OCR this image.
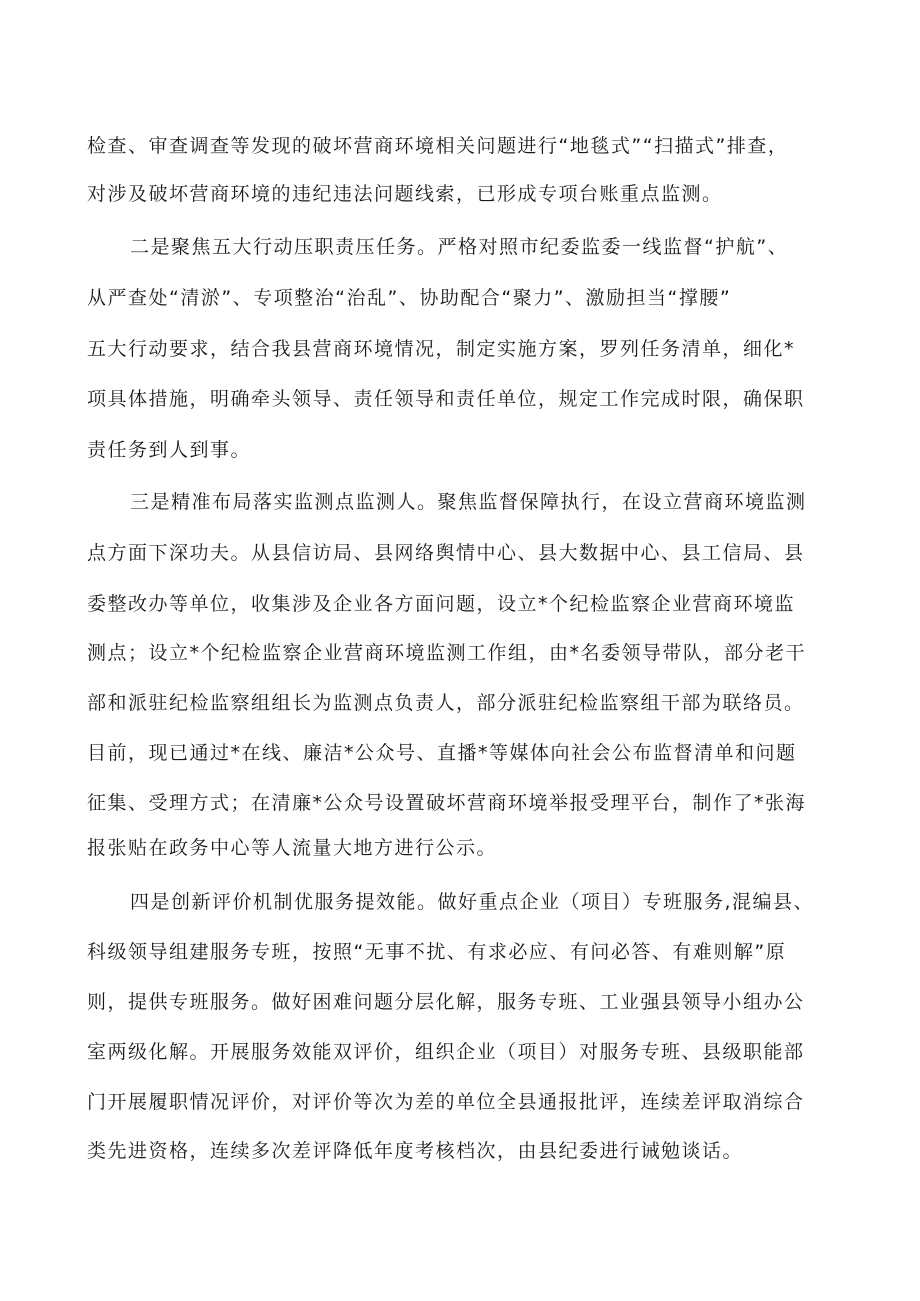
检查、审查调查等发现的破坏营商环境相关问题进行“地毯式”“扫描式”排查，
对涉及破坏营商环境的违纪违法问题线索，已形成专项台账重点监测。
二是聚焦五大行动压职责压任务。严格对照市纪委监委一线监督“护航”、
从严查处“清淤”、专项整治“治乱”、协助配合“聚力”、激励担当“撑腰”
五大行动要求，结合我县营商环境情况，制定实施方案，罗列任务清单，细化*
项具体措施，明确牵头领导、责任领导和责任单位，规定工作完成时限，确保职
责任务到人到事。
三是精准布局落实监测点监测人。聚焦监督保障执行，在设立营商环境监测
点方面下深功夫。从县信访局、县网络舆情中心、县大数据中心、县工信局、县
委整改办等单位，收集涉及企业各方面问题，设立*个纪检监察企业营商环境监
测点；设立*个纪检监察企业营商环境监测工作组，由*名委领导带队，部分老干
部和派驻纪检监察组组长为监测点负责人，部分派驻纪检监察组干部为联络员。
目前，现已通过*在线、廉洁*公众号、直播*等媒体向社会公布监督清单和问题
征集、受理方式；在清廉*公众号设置破坏营商环境举报受理平台，制作了*张海
报张贴在政务中心等人流量大地方进行公示。
四是创新评价机制优服务提效能。做好重点企业（项目）专班服务,混编县、
科级领导组建服务专班，按照“无事不扰、有求必应、有问必答、有难则解”原
则，提供专班服务。做好困难问题分层化解，服务专班、工业强县领导小组办公
室两级化解。开展服务效能双评价，组织企业（项目）对服务专班、县级职能部
门开展履职情况评价，对评价等次为差的单位全县通报批评，连续差评取消综合
类先进资格，连续多次差评降低年度考核档次，由县纪委进行诫勉谈话。
